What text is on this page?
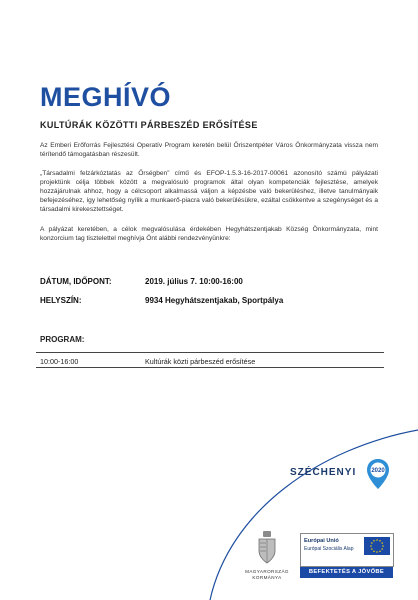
MEGHÍVÓ
KULTÚRÁK KÖZÖTTI PÁRBESZÉD ERŐSÍTÉSE
Az Emberi Erőforrás Fejlesztési Operatív Program keretén belül Őriszentpéter Város Önkormányzata vissza nem térítendő támogatásban részesült.
„Társadalmi felzárkóztatás az Őrségben” című és EFOP-1.5.3-16-2017-00061 azonosító számú pályázati projektünk célja többek között a megvalósuló programok által olyan kompetenciák fejlesztése, amelyek hozzájárulnak ahhoz, hogy a célcsoport alkalmassá váljon a képzésbe való bekerüléshez, illetve tanulmányaik befejezéséhez, így lehetőség nyílik a munkaerő-piacra való bekerülésükre, ezáltal csökkentve a szegénységet és a társadalmi kirekesztettséget.
A pályázat keretében, a célok megvalósulása érdekében Hegyhátszentjakab Község Önkormányzata, mint konzorcium tag tisztelettel meghívja Önt alábbi rendezvényünkre:
DÁTUM, IDŐPONT:	2019. július 7. 10:00-16:00
HELYSZÍN:	9934 Hegyhátszentjakab, Sportpálya
PROGRAM:
10:00-16:00	Kultúrák közti párbeszéd erősítése
SZÉCHENYI	2020
MAGYARORSZÁG
KORMÁNYA
Európai Unió
Európai Szociális Alap
BEFEKTETÉS A JÖVŐBE
